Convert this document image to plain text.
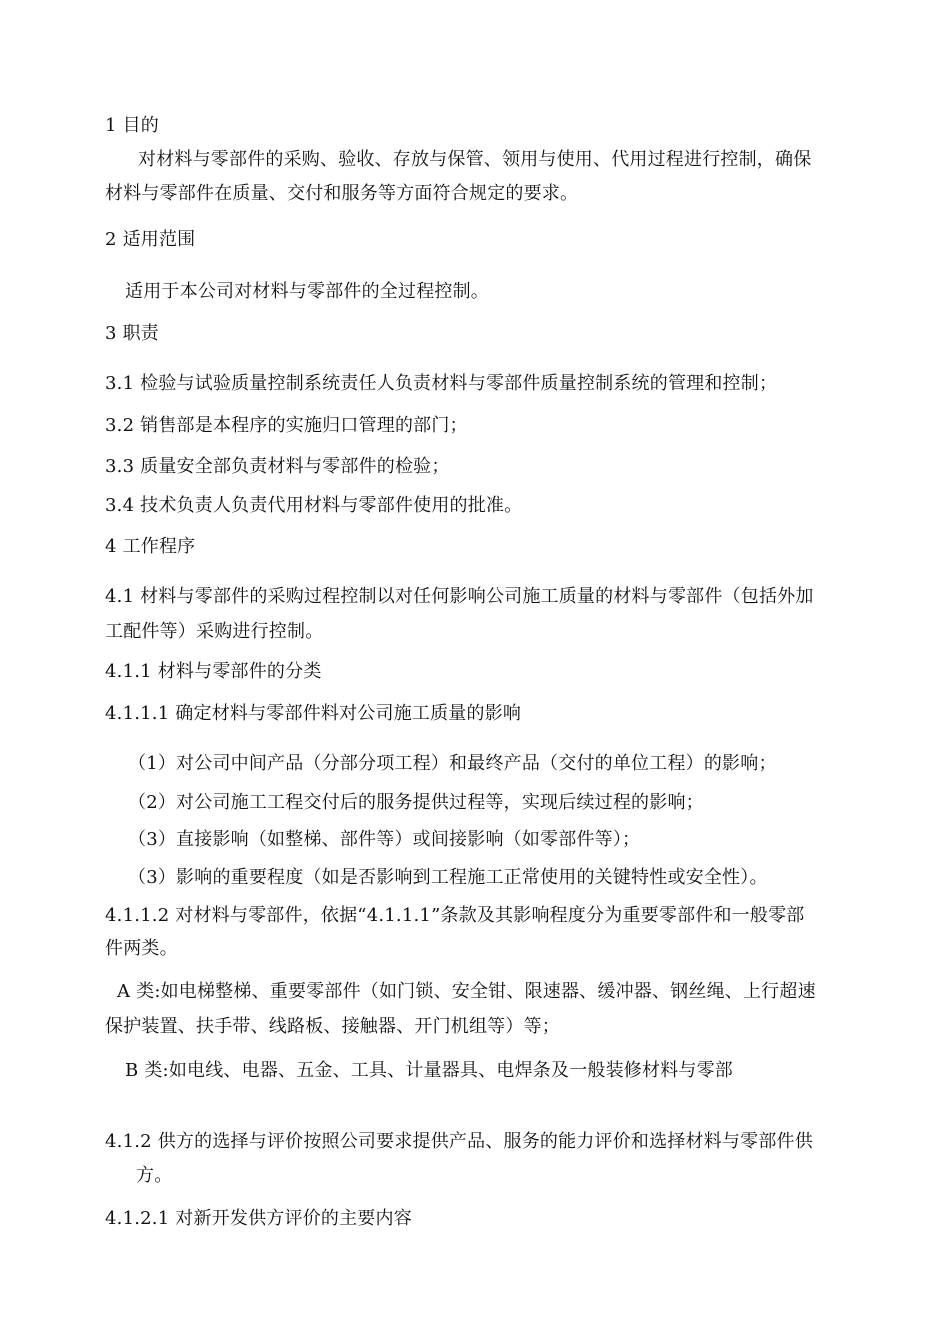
1 目的
对材料与零部件的采购、验收、存放与保管、领用与使用、代用过程进行控制，确保
材料与零部件在质量、交付和服务等方面符合规定的要求。
2 适用范围
适用于本公司对材料与零部件的全过程控制。
3 职责
3.1 检验与试验质量控制系统责任人负责材料与零部件质量控制系统的管理和控制；
3.2 销售部是本程序的实施归口管理的部门；
3.3 质量安全部负责材料与零部件的检验；
3.4 技术负责人负责代用材料与零部件使用的批准。
4 工作程序
4.1 材料与零部件的采购过程控制以对任何影响公司施工质量的材料与零部件（包括外加
工配件等）采购进行控制。
4.1.1 材料与零部件的分类
4.1.1.1 确定材料与零部件料对公司施工质量的影响
（1）对公司中间产品（分部分项工程）和最终产品（交付的单位工程）的影响；
（2）对公司施工工程交付后的服务提供过程等，实现后续过程的影响；
（3）直接影响（如整梯、部件等）或间接影响（如零部件等）；
（3）影响的重要程度（如是否影响到工程施工正常使用的关键特性或安全性）。
4.1.1.2 对材料与零部件，依据“4.1.1.1”条款及其影响程度分为重要零部件和一般零部
件两类。
A 类:如电梯整梯、重要零部件（如门锁、安全钳、限速器、缓冲器、钢丝绳、上行超速
保护装置、扶手带、线路板、接触器、开门机组等）等；
B 类:如电线、电器、五金、工具、计量器具、电焊条及一般装修材料与零部
4.1.2 供方的选择与评价按照公司要求提供产品、服务的能力评价和选择材料与零部件供
方。
4.1.2.1 对新开发供方评价的主要内容
